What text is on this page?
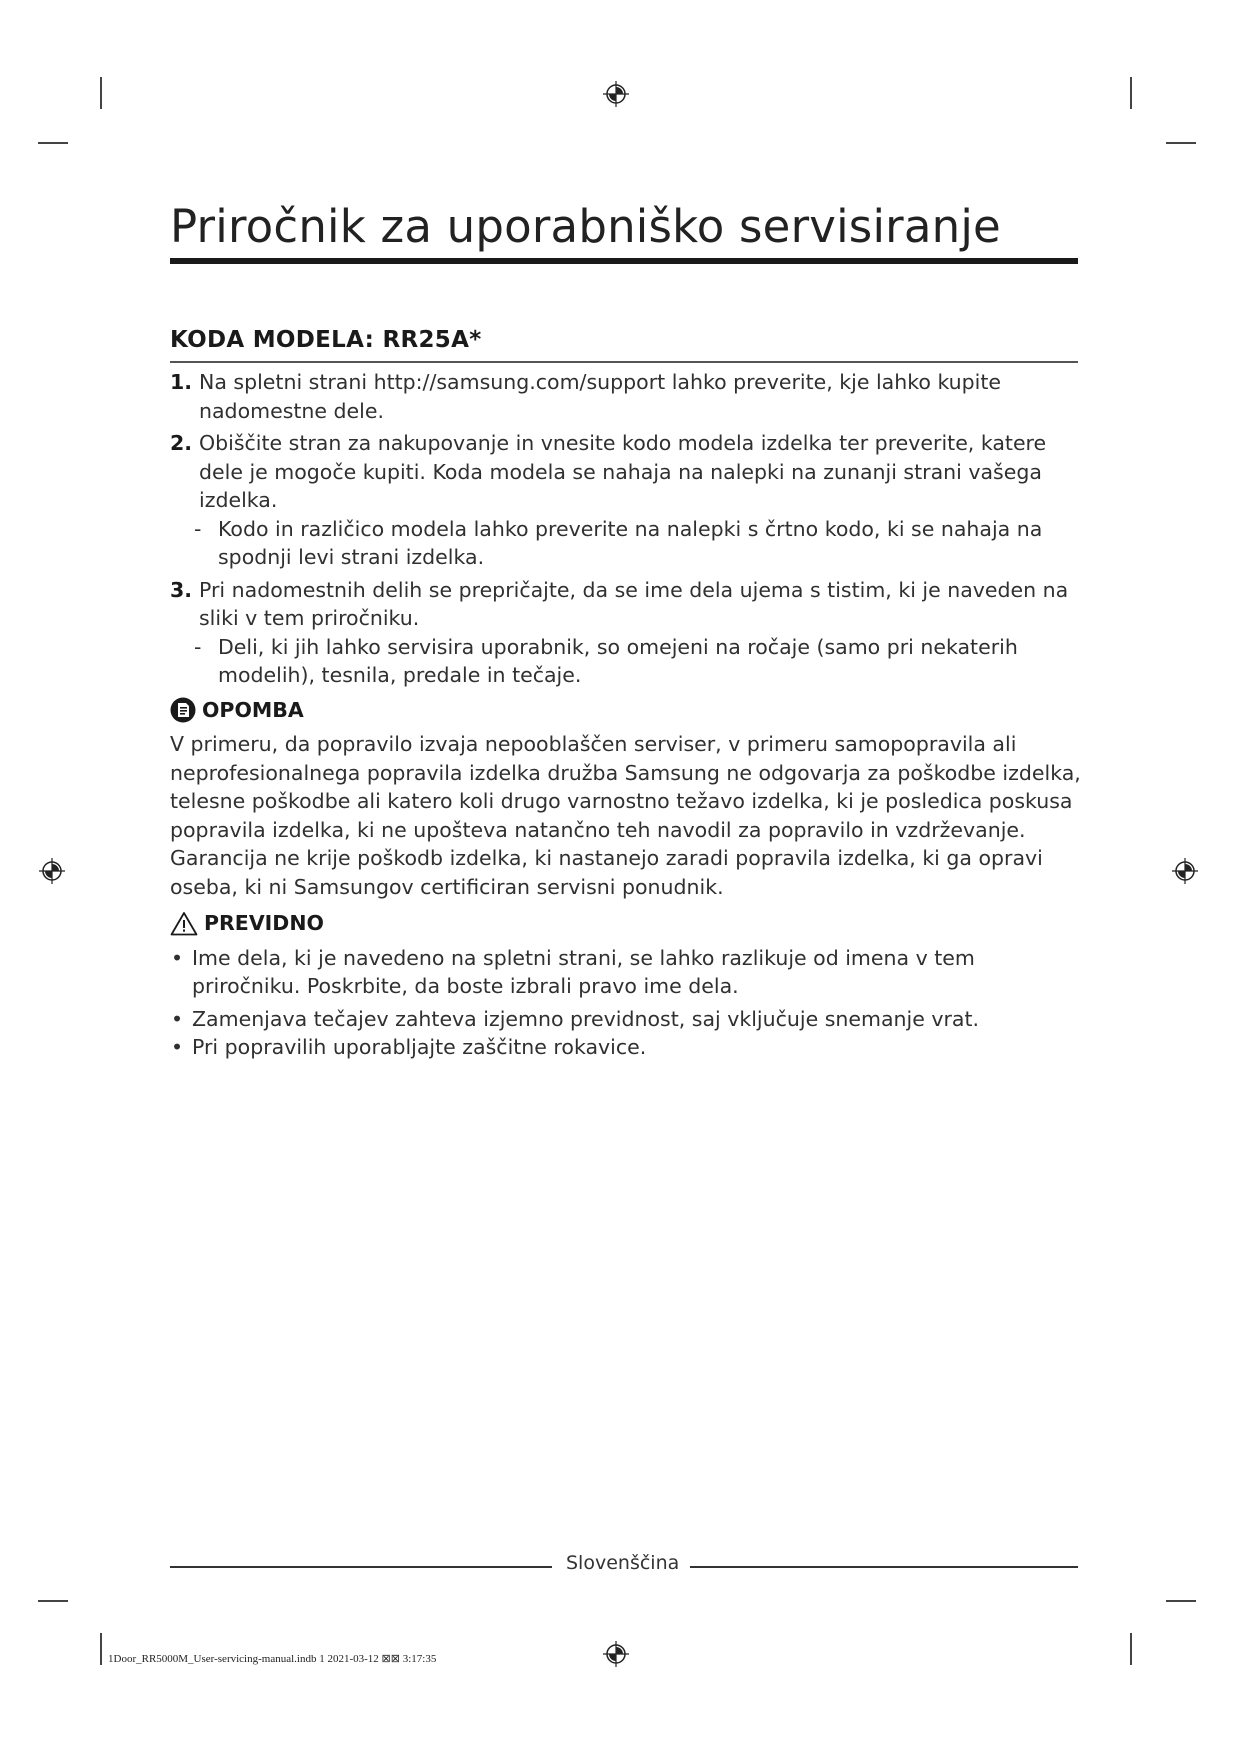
Priročnik za uporabniško servisiranje
KODA MODELA: RR25A*
1. Na spletni strani http://samsung.com/support lahko preverite, kje lahko kupite nadomestne dele.
2. Obiščite stran za nakupovanje in vnesite kodo modela izdelka ter preverite, katere dele je mogoče kupiti. Koda modela se nahaja na nalepki na zunanji strani vašega izdelka.
- Kodo in različico modela lahko preverite na nalepki s črtno kodo, ki se nahaja na spodnji levi strani izdelka.
3. Pri nadomestnih delih se prepričajte, da se ime dela ujema s tistim, ki je naveden na sliki v tem priročniku.
- Deli, ki jih lahko servisira uporabnik, so omejeni na ročaje (samo pri nekaterih modelih), tesnila, predale in tečaje.
OPOMBA
V primeru, da popravilo izvaja nepooblaščen serviser, v primeru samopopravila ali neprofesionalnega popravila izdelka družba Samsung ne odgovarja za poškodbe izdelka, telesne poškodbe ali katero koli drugo varnostno težavo izdelka, ki je posledica poskusa popravila izdelka, ki ne upošteva natančno teh navodil za popravilo in vzdrževanje. Garancija ne krije poškodb izdelka, ki nastanejo zaradi popravila izdelka, ki ga opravi oseba, ki ni Samsungov certificiran servisni ponudnik.
PREVIDNO
• Ime dela, ki je navedeno na spletni strani, se lahko razlikuje od imena v tem priročniku. Poskrbite, da boste izbrali pravo ime dela.
• Zamenjava tečajev zahteva izjemno previdnost, saj vključuje snemanje vrat.
• Pri popravilih uporabljajte zaščitne rokavice.
Slovenščina
1Door_RR5000M_User-servicing-manual.indb 1 2021-03-12 ⊠⊠ 3:17:35
